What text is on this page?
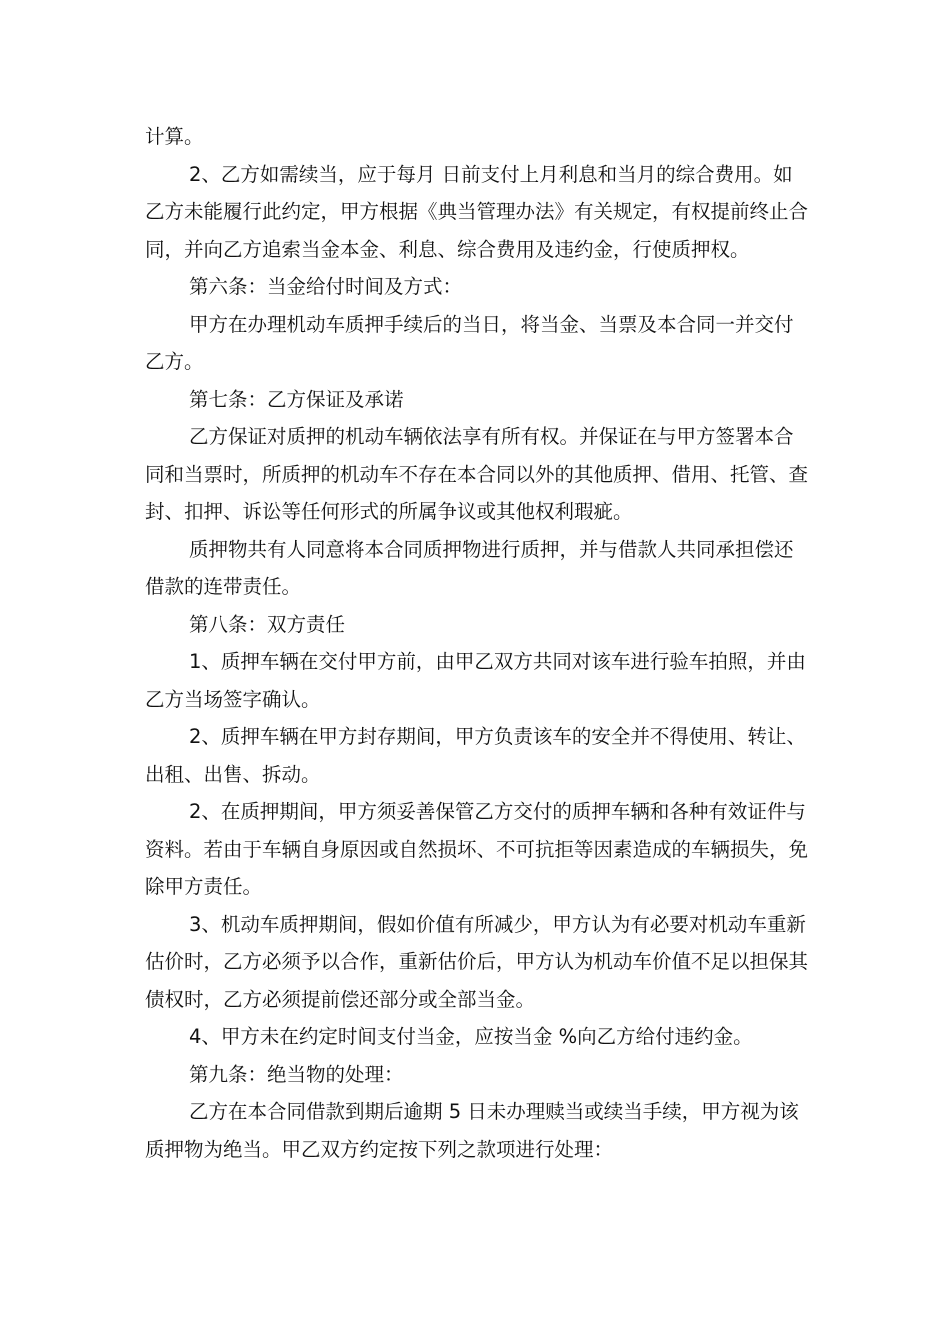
计算。

2、乙方如需续当，应于每月 日前支付上月利息和当月的综合费用。如乙方未能履行此约定，甲方根据《典当管理办法》有关规定，有权提前终止合同，并向乙方追索当金本金、利息、综合费用及违约金，行使质押权。

第六条：当金给付时间及方式：

甲方在办理机动车质押手续后的当日，将当金、当票及本合同一并交付乙方。

第七条：乙方保证及承诺

乙方保证对质押的机动车辆依法享有所有权。并保证在与甲方签署本合同和当票时，所质押的机动车不存在本合同以外的其他质押、借用、托管、查封、扣押、诉讼等任何形式的所属争议或其他权利瑕疵。

质押物共有人同意将本合同质押物进行质押，并与借款人共同承担偿还借款的连带责任。

第八条：双方责任

1、质押车辆在交付甲方前，由甲乙双方共同对该车进行验车拍照，并由乙方当场签字确认。

2、质押车辆在甲方封存期间，甲方负责该车的安全并不得使用、转让、出租、出售、拆动。

2、在质押期间，甲方须妥善保管乙方交付的质押车辆和各种有效证件与资料。若由于车辆自身原因或自然损坏、不可抗拒等因素造成的车辆损失，免除甲方责任。

3、机动车质押期间，假如价值有所减少，甲方认为有必要对机动车重新估价时，乙方必须予以合作，重新估价后，甲方认为机动车价值不足以担保其债权时，乙方必须提前偿还部分或全部当金。

4、甲方未在约定时间支付当金，应按当金 %向乙方给付违约金。

第九条：绝当物的处理：

乙方在本合同借款到期后逾期 5 日未办理赎当或续当手续，甲方视为该质押物为绝当。甲乙双方约定按下列之款项进行处理：
